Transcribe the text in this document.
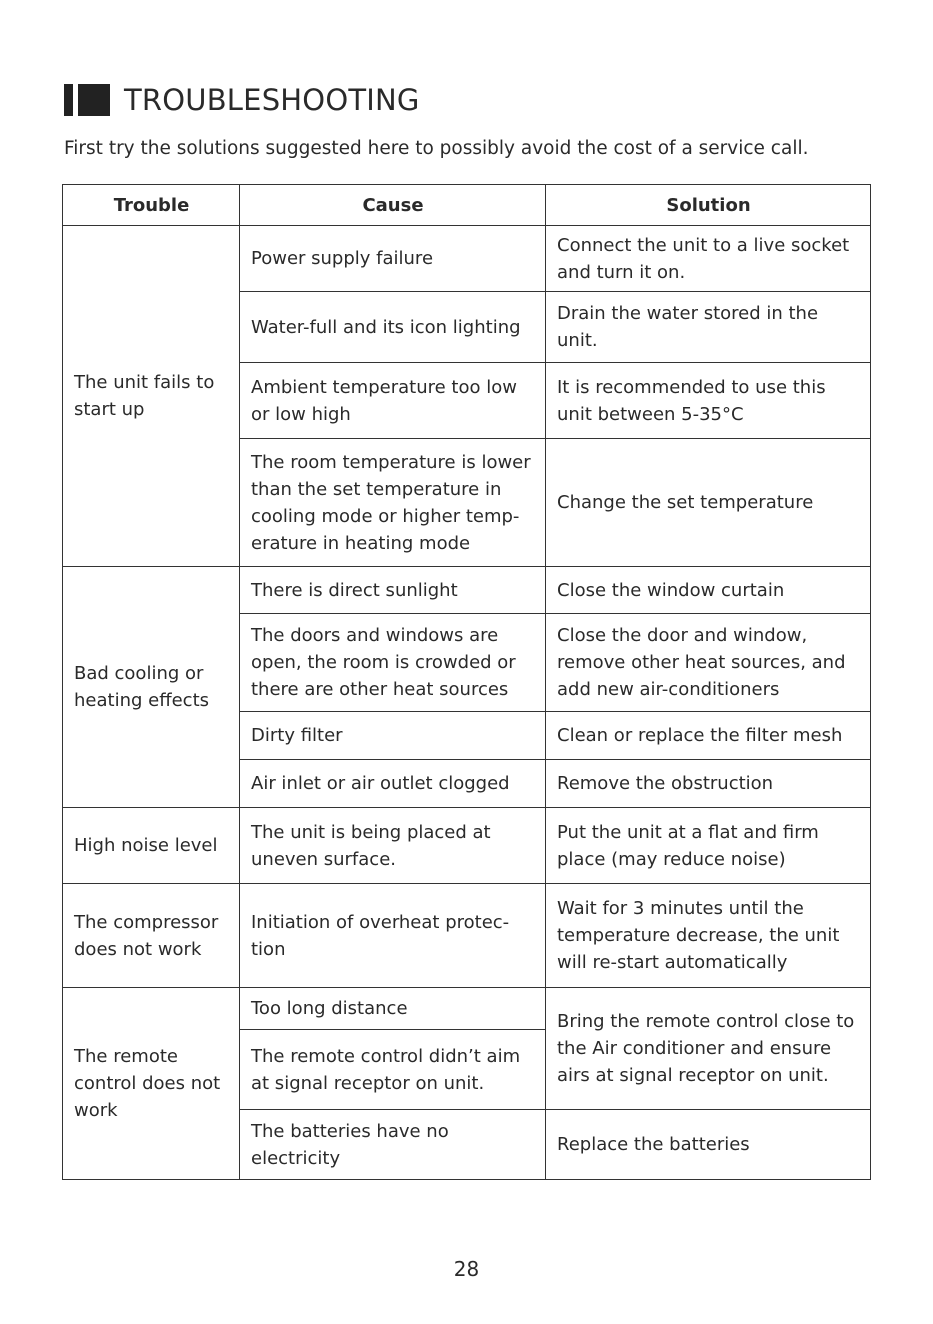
TROUBLESHOOTING
First try the solutions suggested here to possibly avoid the cost of a service call.
Trouble	Cause	Solution
The unit fails to start up	Power supply failure	Connect the unit to a live socket and turn it on.
	Water-full and its icon lighting	Drain the water stored in the unit.
	Ambient temperature too low or low high	It is recommended to use this unit between 5-35°C
	The room temperature is lower than the set temperature in cooling mode or higher temp-erature in heating mode	Change the set temperature
Bad cooling or heating effects	There is direct sunlight	Close the window curtain
	The doors and windows are open, the room is crowded or there are other heat sources	Close the door and window, remove other heat sources, and add new air-conditioners
	Dirty filter	Clean or replace the filter mesh
	Air inlet or air outlet clogged	Remove the obstruction
High noise level	The unit is being placed at uneven surface.	Put the unit at a flat and firm place (may reduce noise)
The compressor does not work	Initiation of overheat protec-tion	Wait for 3 minutes until the temperature decrease, the unit will re-start automatically
The remote control does not work	Too long distance	Bring the remote control close to the Air conditioner and ensure airs at signal receptor on unit.
	The remote control didn’t aim at signal receptor on unit.	
	The batteries have no electricity	Replace the batteries
28
